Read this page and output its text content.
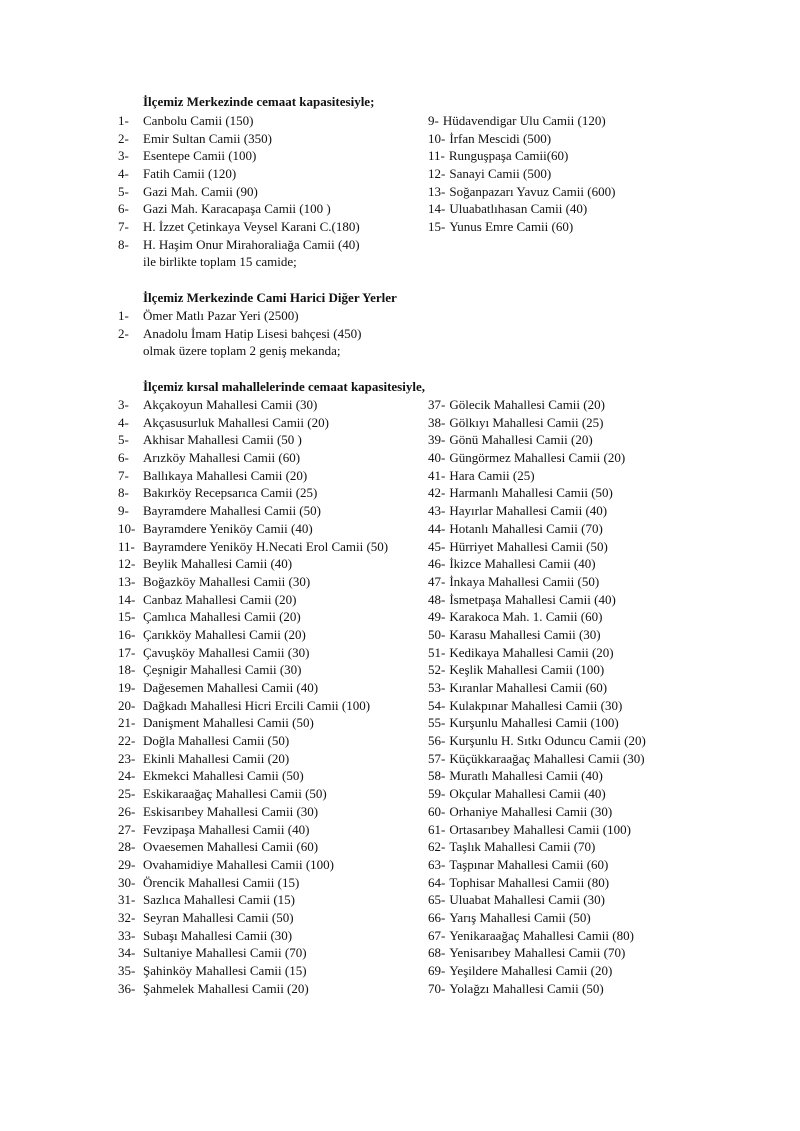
İlçemiz Merkezinde cemaat kapasitesiyle;
1- Canbolu Camii (150)
2- Emir Sultan Camii (350)
3- Esentepe Camii (100)
4- Fatih Camii (120)
5- Gazi Mah. Camii (90)
6- Gazi Mah. Karacapaşa Camii (100 )
7- H. İzzet Çetinkaya Veysel Karani C.(180)
8- H. Haşim Onur Mirahoraliağa Camii (40)
9- Hüdavendigar Ulu Camii (120)
10- İrfan Mescidi (500)
11- Runguşpaşa Camii(60)
12- Sanayi Camii (500)
13- Soğanpazarı Yavuz Camii (600)
14- Uluabatlıhasan Camii (40)
15- Yunus Emre Camii (60)
ile birlikte toplam 15 camide;
İlçemiz Merkezinde Cami Harici Diğer Yerler
1- Ömer Matlı Pazar Yeri (2500)
2- Anadolu İmam Hatip Lisesi bahçesi (450)
olmak üzere toplam 2 geniş mekanda;
İlçemiz kırsal mahallelerinde cemaat kapasitesiyle,
3- Akçakoyun Mahallesi Camii (30)
4- Akçasusurluk Mahallesi Camii (20)
5- Akhisar Mahallesi Camii (50 )
6- Arızköy Mahallesi Camii (60)
7- Ballıkaya Mahallesi Camii (20)
8- Bakırköy Recepsarıca Camii (25)
9- Bayramdere Mahallesi Camii (50)
10- Bayramdere Yeniköy Camii (40)
11- Bayramdere Yeniköy H.Necati Erol Camii (50)
12- Beylik Mahallesi Camii (40)
13- Boğazköy Mahallesi Camii (30)
14- Canbaz Mahallesi Camii (20)
15- Çamlıca Mahallesi Camii (20)
16- Çarıkköy Mahallesi Camii (20)
17- Çavuşköy Mahallesi Camii (30)
18- Çeşnigir Mahallesi Camii (30)
19- Dağesemen Mahallesi Camii (40)
20- Dağkadı Mahallesi Hicri Ercili Camii (100)
21- Danişment Mahallesi Camii (50)
22- Doğla Mahallesi Camii (50)
23- Ekinli Mahallesi Camii (20)
24- Ekmekci Mahallesi Camii (50)
25- Eskikaraağaç Mahallesi Camii (50)
26- Eskisarıbey Mahallesi Camii (30)
27- Fevzipaşa Mahallesi Camii (40)
28- Ovaesemen Mahallesi Camii (60)
29- Ovahamidiye Mahallesi Camii (100)
30- Örencik Mahallesi Camii (15)
31- Sazlıca Mahallesi Camii (15)
32- Seyran Mahallesi Camii (50)
33- Subaşı Mahallesi Camii (30)
34- Sultaniye Mahallesi Camii (70)
35- Şahinköy Mahallesi Camii (15)
36- Şahmelek Mahallesi Camii (20)
37- Gölecik Mahallesi Camii (20)
38- Gölkıyı Mahallesi Camii (25)
39- Gönü Mahallesi Camii (20)
40- Güngörmez Mahallesi Camii (20)
41- Hara Camii (25)
42- Harmanlı Mahallesi Camii (50)
43- Hayırlar Mahallesi Camii (40)
44- Hotanlı Mahallesi Camii (70)
45- Hürriyet Mahallesi Camii (50)
46- İkizce Mahallesi Camii (40)
47- İnkaya Mahallesi Camii (50)
48- İsmetpaşa Mahallesi Camii (40)
49- Karakoca Mah. 1. Camii (60)
50- Karasu Mahallesi Camii (30)
51- Kedikaya Mahallesi Camii (20)
52- Keşlik Mahallesi Camii (100)
53- Kıranlar Mahallesi Camii (60)
54- Kulakpınar Mahallesi Camii (30)
55- Kurşunlu Mahallesi Camii (100)
56- Kurşunlu H. Sıtkı Oduncu Camii (20)
57- Küçükkaraağaç Mahallesi Camii (30)
58- Muratlı Mahallesi Camii (40)
59- Okçular Mahallesi Camii (40)
60- Orhaniye Mahallesi Camii (30)
61- Ortasarıbey Mahallesi Camii (100)
62- Taşlık Mahallesi Camii (70)
63- Taşpınar Mahallesi Camii (60)
64- Tophisar Mahallesi Camii (80)
65- Uluabat Mahallesi Camii (30)
66- Yarış Mahallesi Camii (50)
67- Yenikaraağaç Mahallesi Camii (80)
68- Yenisarıbey Mahallesi Camii (70)
69- Yeşildere Mahallesi Camii (20)
70- Yolağzı Mahallesi Camii (50)
